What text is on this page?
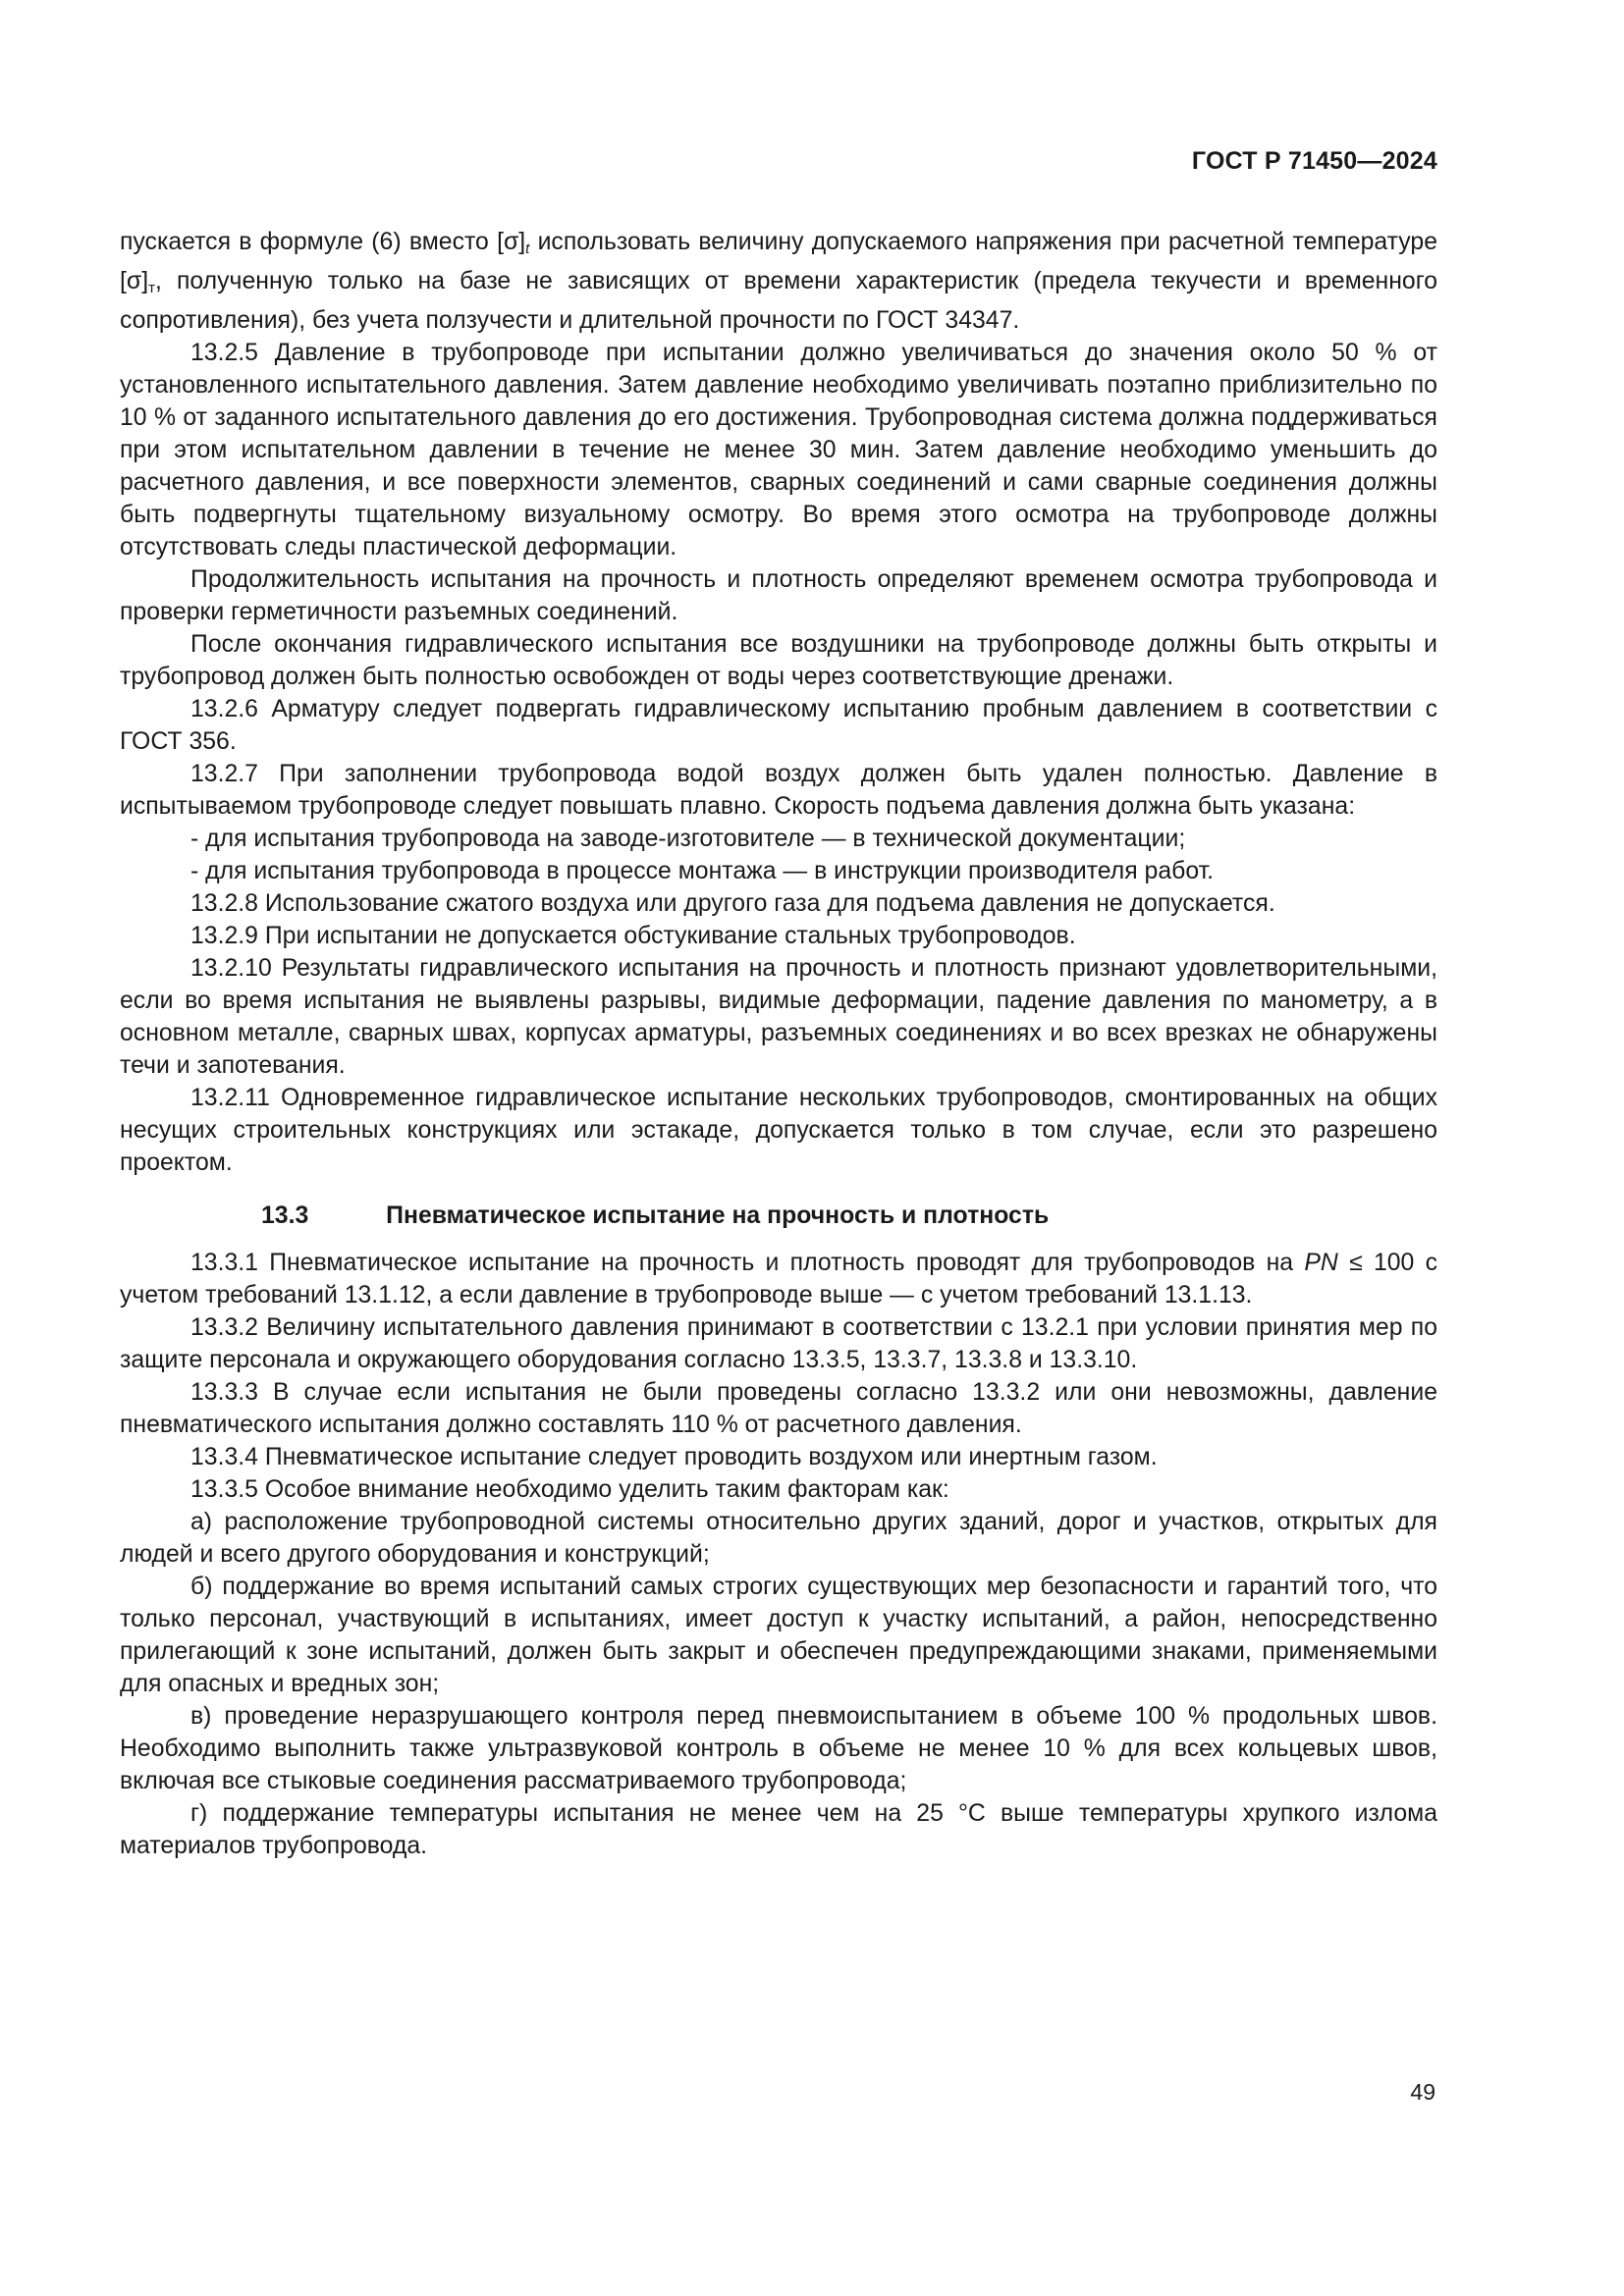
ГОСТ Р 71450—2024

пускается в формуле (6) вместо $[\sigma]_t$ использовать величину допускаемого напряжения при расчетной температуре $[\sigma]_т$, полученную только на базе не зависящих от времени характеристик (предела текучести и временного сопротивления), без учета ползучести и длительной прочности по ГОСТ 34347.

13.2.5 Давление в трубопроводе при испытании должно увеличиваться до значения около 50 % от установленного испытательного давления. Затем давление необходимо увеличивать поэтапно приблизительно по 10 % от заданного испытательного давления до его достижения. Трубопроводная система должна поддерживаться при этом испытательном давлении в течение не менее 30 мин. Затем давление необходимо уменьшить до расчетного давления, и все поверхности элементов, сварных соединений и сами сварные соединения должны быть подвергнуты тщательному визуальному осмотру. Во время этого осмотра на трубопроводе должны отсутствовать следы пластической деформации.

Продолжительность испытания на прочность и плотность определяют временем осмотра трубопровода и проверки герметичности разъемных соединений.

После окончания гидравлического испытания все воздушники на трубопроводе должны быть открыты и трубопровод должен быть полностью освобожден от воды через соответствующие дренажи.

13.2.6 Арматуру следует подвергать гидравлическому испытанию пробным давлением в соответствии с ГОСТ 356.

13.2.7 При заполнении трубопровода водой воздух должен быть удален полностью. Давление в испытываемом трубопроводе следует повышать плавно. Скорость подъема давления должна быть указана:

- для испытания трубопровода на заводе-изготовителе — в технической документации;

- для испытания трубопровода в процессе монтажа — в инструкции производителя работ.

13.2.8 Использование сжатого воздуха или другого газа для подъема давления не допускается.

13.2.9 При испытании не допускается обстукивание стальных трубопроводов.

13.2.10 Результаты гидравлического испытания на прочность и плотность признают удовлетворительными, если во время испытания не выявлены разрывы, видимые деформации, падение давления по манометру, а в основном металле, сварных швах, корпусах арматуры, разъемных соединениях и во всех врезках не обнаружены течи и запотевания.

13.2.11 Одновременное гидравлическое испытание нескольких трубопроводов, смонтированных на общих несущих строительных конструкциях или эстакаде, допускается только в том случае, если это разрешено проектом.

13.3	Пневматическое испытание на прочность и плотность

13.3.1 Пневматическое испытание на прочность и плотность проводят для трубопроводов на PN ≤ 100 с учетом требований 13.1.12, а если давление в трубопроводе выше — с учетом требований 13.1.13.

13.3.2 Величину испытательного давления принимают в соответствии с 13.2.1 при условии принятия мер по защите персонала и окружающего оборудования согласно 13.3.5, 13.3.7, 13.3.8 и 13.3.10.

13.3.3 В случае если испытания не были проведены согласно 13.3.2 или они невозможны, давление пневматического испытания должно составлять 110 % от расчетного давления.

13.3.4 Пневматическое испытание следует проводить воздухом или инертным газом.

13.3.5 Особое внимание необходимо уделить таким факторам как:

а) расположение трубопроводной системы относительно других зданий, дорог и участков, открытых для людей и всего другого оборудования и конструкций;

б) поддержание во время испытаний самых строгих существующих мер безопасности и гарантий того, что только персонал, участвующий в испытаниях, имеет доступ к участку испытаний, а район, непосредственно прилегающий к зоне испытаний, должен быть закрыт и обеспечен предупреждающими знаками, применяемыми для опасных и вредных зон;

в) проведение неразрушающего контроля перед пневмоиспытанием в объеме 100 % продольных швов. Необходимо выполнить также ультразвуковой контроль в объеме не менее 10 % для всех кольцевых швов, включая все стыковые соединения рассматриваемого трубопровода;

г) поддержание температуры испытания не менее чем на 25 °С выше температуры хрупкого излома материалов трубопровода.

49
